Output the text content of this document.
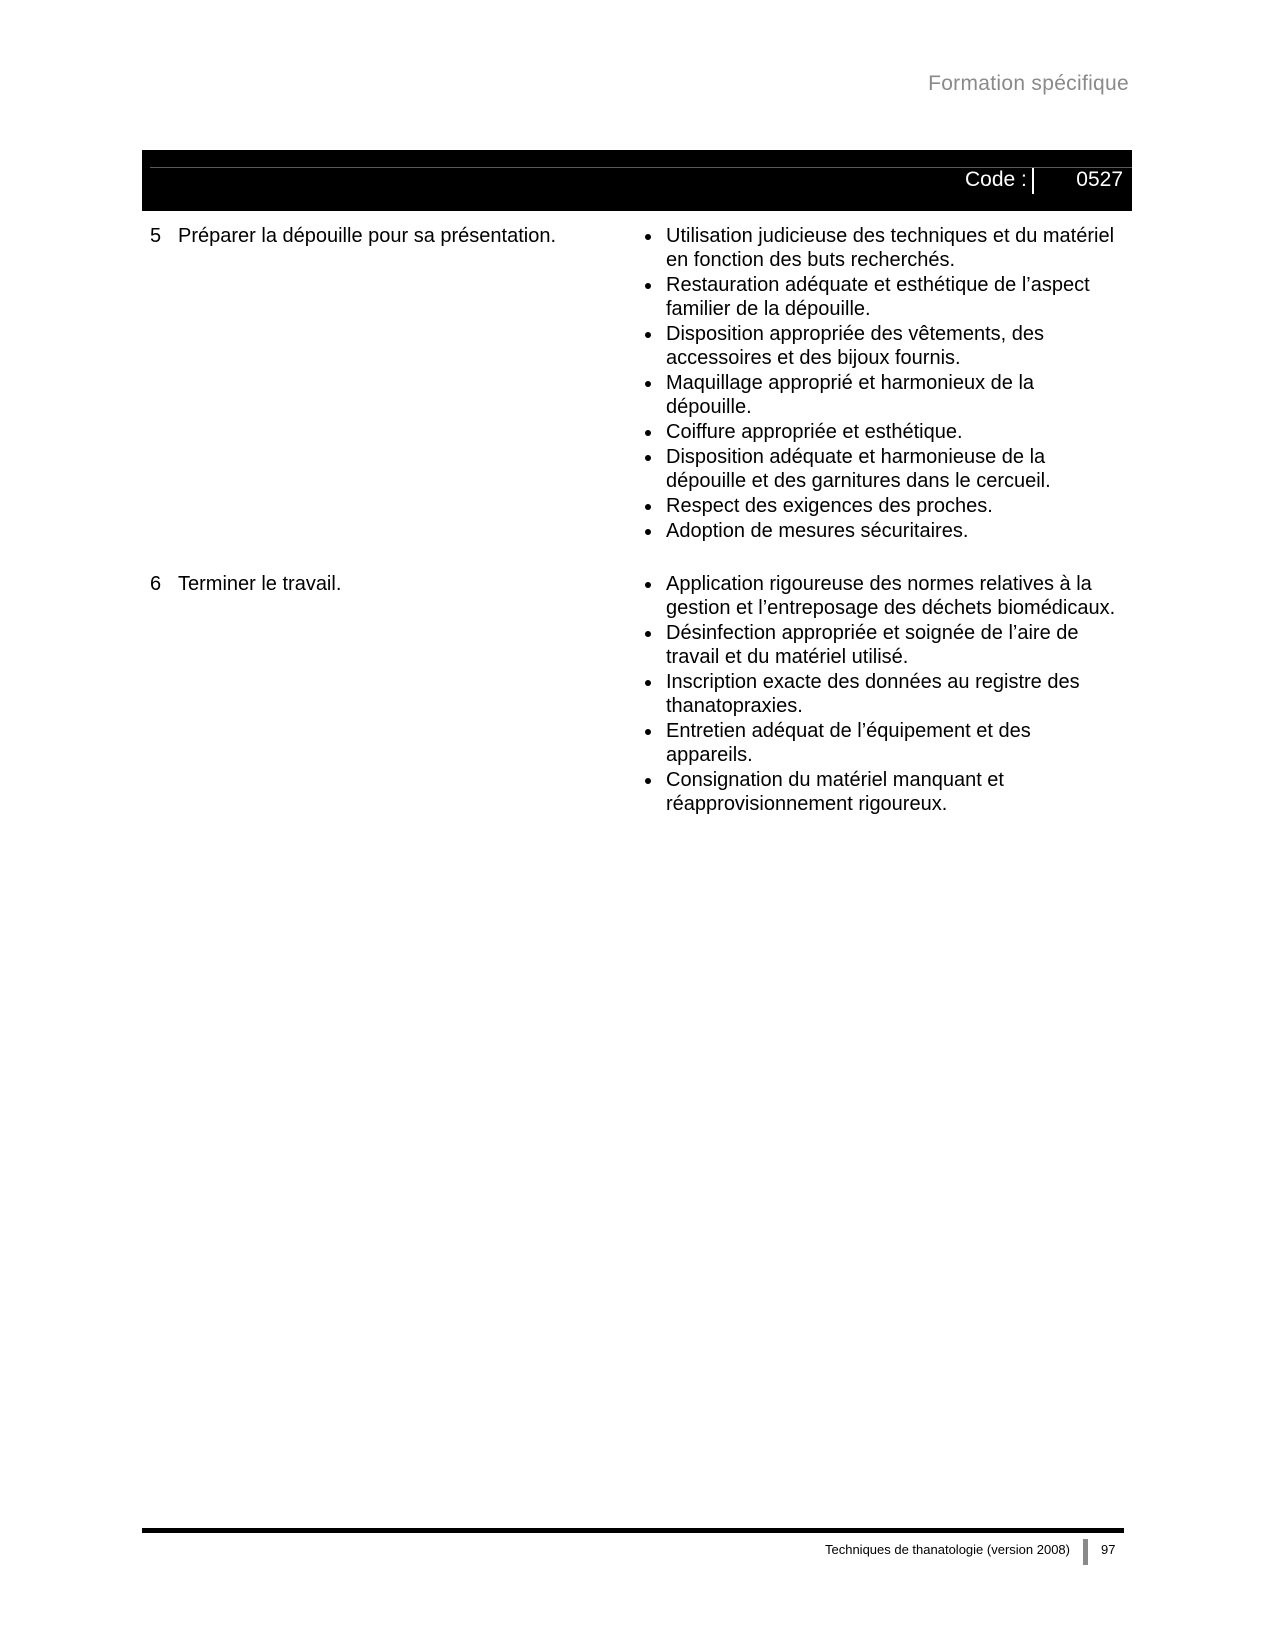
Formation spécifique
Code :	0527
5 Préparer la dépouille pour sa présentation.	Utilisation judicieuse des techniques et du matériel en fonction des buts recherchés.
Restauration adéquate et esthétique de l’aspect familier de la dépouille.
Disposition appropriée des vêtements, des accessoires et des bijoux fournis.
Maquillage approprié et harmonieux de la dépouille.
Coiffure appropriée et esthétique.
Disposition adéquate et harmonieuse de la dépouille et des garnitures dans le cercueil.
Respect des exigences des proches.
Adoption de mesures sécuritaires.
6 Terminer le travail.	Application rigoureuse des normes relatives à la gestion et l’entreposage des déchets biomédicaux.
Désinfection appropriée et soignée de l’aire de travail et du matériel utilisé.
Inscription exacte des données au registre des thanatopraxies.
Entretien adéquat de l’équipement et des appareils.
Consignation du matériel manquant et réapprovisionnement rigoureux.
Techniques de thanatologie (version 2008) 97
